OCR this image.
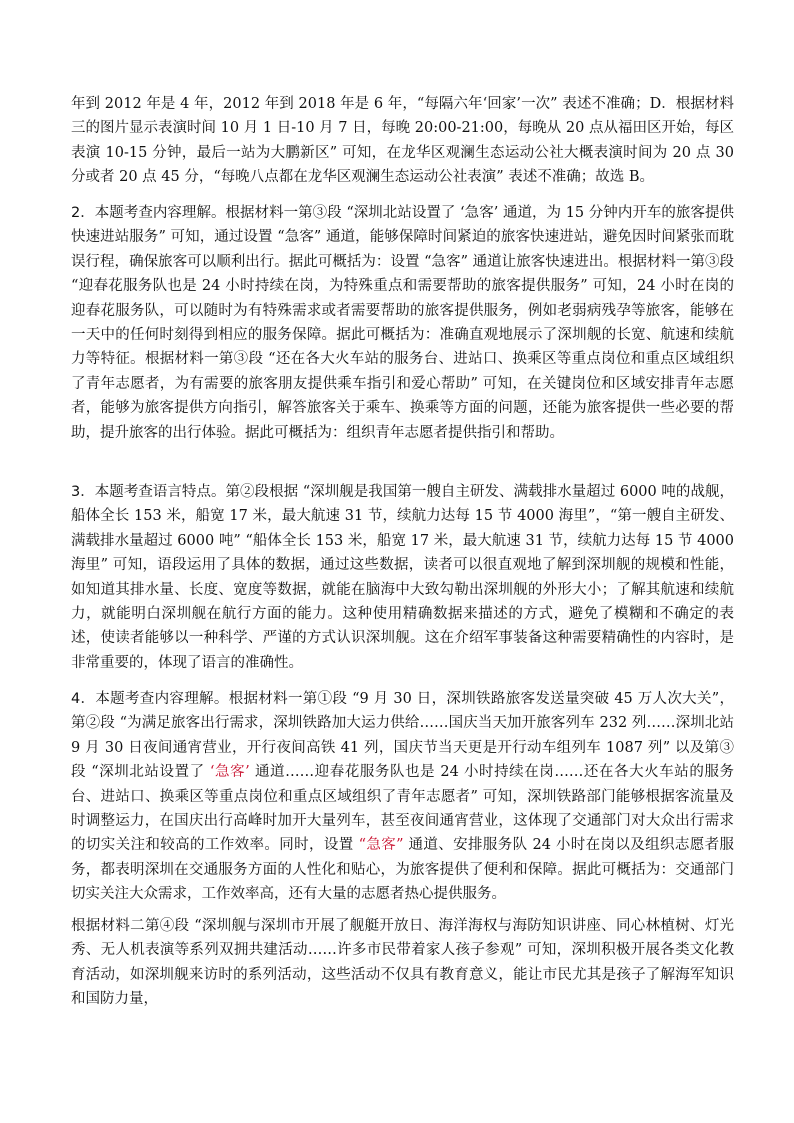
年到 2012 年是 4 年，2012 年到 2018 年是 6 年，“每隔六年‘回家’一次” 表述不准确；D．根据材料三的图片显示表演时间 10 月 1 日-10 月 7 日，每晚 20:00-21:00，每晚从 20 点从福田区开始，每区表演 10-15 分钟，最后一站为大鹏新区” 可知，在龙华区观澜生态运动公社大概表演时间为 20 点 30 分或者 20 点 45 分，“每晚八点都在龙华区观澜生态运动公社表演” 表述不准确；故选 B。

2．本题考查内容理解。根据材料一第③段 “深圳北站设置了 ‘急客’ 通道，为 15 分钟内开车的旅客提供快速进站服务” 可知，通过设置 “急客” 通道，能够保障时间紧迫的旅客快速进站，避免因时间紧张而耽误行程，确保旅客可以顺利出行。据此可概括为：设置 “急客” 通道让旅客快速进出。根据材料一第③段 “迎春花服务队也是 24 小时持续在岗，为特殊重点和需要帮助的旅客提供服务” 可知，24 小时在岗的迎春花服务队，可以随时为有特殊需求或者需要帮助的旅客提供服务，例如老弱病残孕等旅客，能够在一天中的任何时刻得到相应的服务保障。据此可概括为：准确直观地展示了深圳舰的长宽、航速和续航力等特征。根据材料一第③段 “还在各大火车站的服务台、进站口、换乘区等重点岗位和重点区域组织了青年志愿者，为有需要的旅客朋友提供乘车指引和爱心帮助” 可知，在关键岗位和区域安排青年志愿者，能够为旅客提供方向指引，解答旅客关于乘车、换乘等方面的问题，还能为旅客提供一些必要的帮助，提升旅客的出行体验。据此可概括为：组织青年志愿者提供指引和帮助。

3．本题考查语言特点。第②段根据 “深圳舰是我国第一艘自主研发、满载排水量超过 6000 吨的战舰，船体全长 153 米，船宽 17 米，最大航速 31 节，续航力达每 15 节 4000 海里”，“第一艘自主研发、满载排水量超过 6000 吨” “船体全长 153 米，船宽 17 米，最大航速 31 节，续航力达每 15 节 4000 海里” 可知，语段运用了具体的数据，通过这些数据，读者可以很直观地了解到深圳舰的规模和性能，如知道其排水量、长度、宽度等数据，就能在脑海中大致勾勒出深圳舰的外形大小；了解其航速和续航力，就能明白深圳舰在航行方面的能力。这种使用精确数据来描述的方式，避免了模糊和不确定的表述，使读者能够以一种科学、严谨的方式认识深圳舰。这在介绍军事装备这种需要精确性的内容时，是非常重要的，体现了语言的准确性。

4．本题考查内容理解。根据材料一第①段 “9 月 30 日，深圳铁路旅客发送量突破 45 万人次大关”，第②段 “为满足旅客出行需求，深圳铁路加大运力供给……国庆当天加开旅客列车 232 列……深圳北站 9 月 30 日夜间通宵营业，开行夜间高铁 41 列，国庆节当天更是开行动车组列车 1087 列” 以及第③段 “深圳北站设置了 ‘急客’ 通道……迎春花服务队也是 24 小时持续在岗……还在各大火车站的服务台、进站口、换乘区等重点岗位和重点区域组织了青年志愿者” 可知，深圳铁路部门能够根据客流量及时调整运力，在国庆出行高峰时加开大量列车，甚至夜间通宵营业，这体现了交通部门对大众出行需求的切实关注和较高的工作效率。同时，设置 “急客” 通道、安排服务队 24 小时在岗以及组织志愿者服务，都表明深圳在交通服务方面的人性化和贴心，为旅客提供了便利和保障。据此可概括为：交通部门切实关注大众需求，工作效率高，还有大量的志愿者热心提供服务。

根据材料二第④段 “深圳舰与深圳市开展了舰艇开放日、海洋海权与海防知识讲座、同心林植树、灯光秀、无人机表演等系列双拥共建活动……许多市民带着家人孩子参观” 可知，深圳积极开展各类文化教育活动，如深圳舰来访时的系列活动，这些活动不仅具有教育意义，能让市民尤其是孩子了解海军知识和国防力量，
